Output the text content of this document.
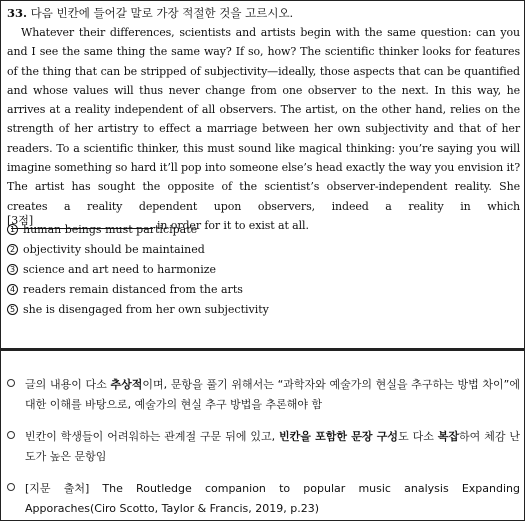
33. 다음 빈칸에 들어갈 말로 가장 적절한 것을 고르시오.
Whatever their differences, scientists and artists begin with the same question: can you and I see the same thing the same way? If so, how? The scientific thinker looks for features of the thing that can be stripped of subjectivity—ideally, those aspects that can be quantified and whose values will thus never change from one observer to the next. In this way, he arrives at a reality independent of all observers. The artist, on the other hand, relies on the strength of her artistry to effect a marriage between her own subjectivity and that of her readers. To a scientific thinker, this must sound like magical thinking: you’re saying you will imagine something so hard it’ll pop into someone else’s head exactly the way you envision it? The artist has sought the opposite of the scientist’s observer-independent reality. She creates a reality dependent upon observers, indeed a reality in whichin order for it to exist at all.
[3점]
1 human beings must participate
2 objectivity should be maintained
3 science and art need to harmonize
4 readers remain distanced from the arts
5 she is disengaged from her own subjectivity
글의 내용이 다소 추상적이며, 문항을 풀기 위해서는 “과학자와 예술가의 현실을 추구하는 방법 차이”에 대한 이해를 바탕으로, 예술가의 현실 추구 방법을 추론해야 함
빈칸이 학생들이 어려워하는 관계절 구문 뒤에 있고, 빈칸을 포함한 문장 구성도 다소 복잡하여 체감 난도가 높은 문항임
[지문 출처] The Routledge companion to popular music analysis Expanding Apporaches(Ciro Scotto, Taylor & Francis, 2019, p.23)
